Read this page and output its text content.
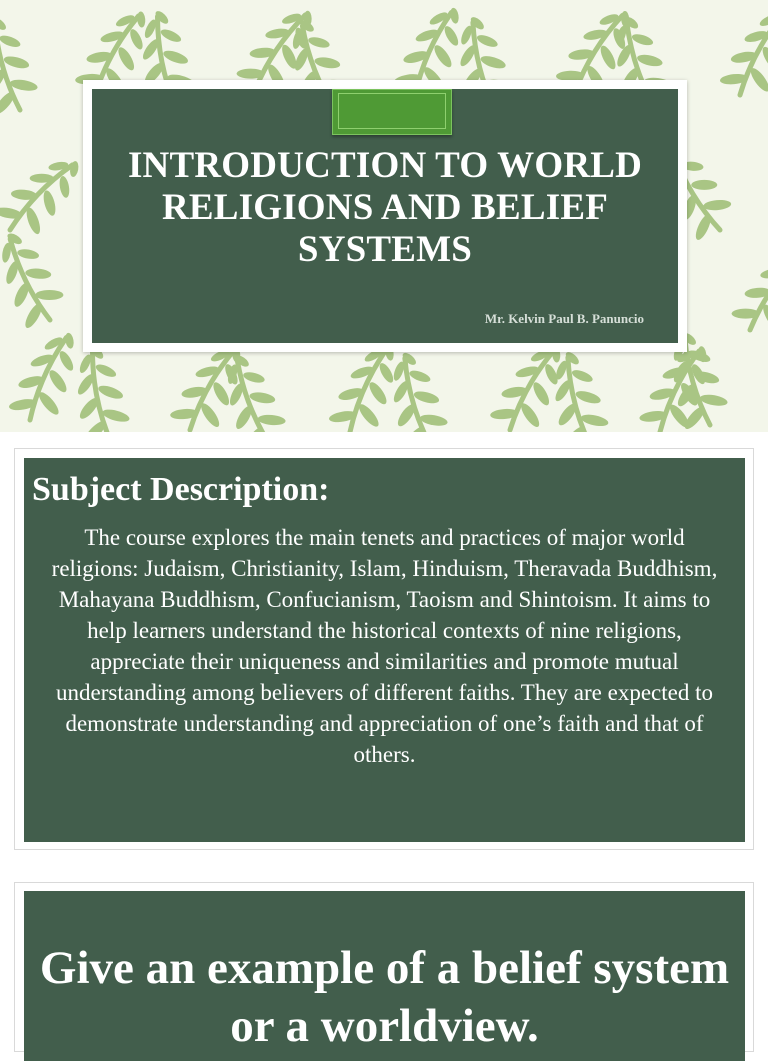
INTRODUCTION TO WORLD RELIGIONS AND BELIEF SYSTEMS
Mr. Kelvin Paul B. Panuncio
Subject Description:

The course explores the main tenets and practices of major world religions: Judaism, Christianity, Islam, Hinduism, Theravada Buddhism, Mahayana Buddhism, Confucianism, Taoism and Shintoism. It aims to help learners understand the historical contexts of nine religions, appreciate their uniqueness and similarities and promote mutual understanding among believers of different faiths. They are expected to demonstrate understanding and appreciation of one’s faith and that of others.

Give an example of a belief system or a worldview.
